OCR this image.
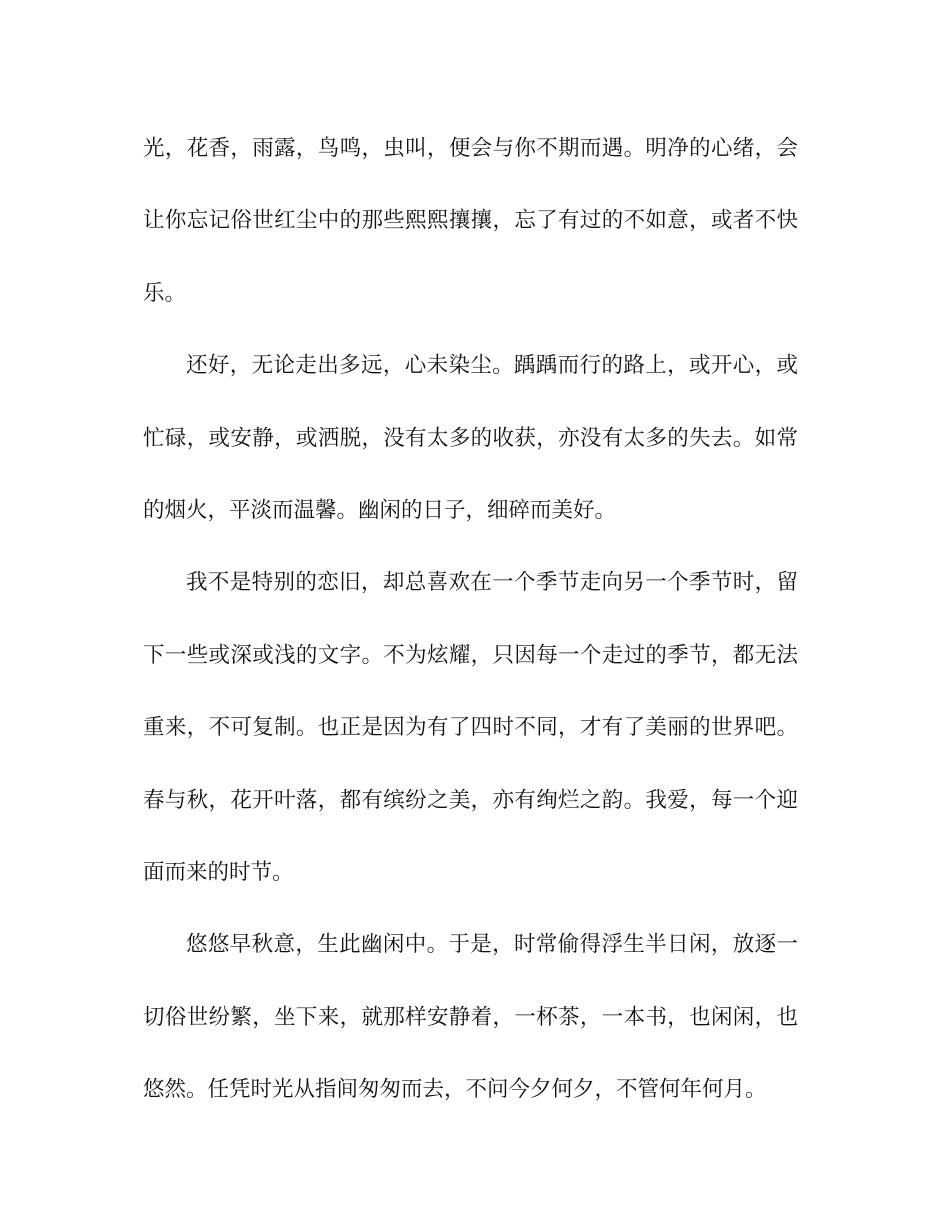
光，花香，雨露，鸟鸣，虫叫，便会与你不期而遇。明净的心绪，会
让你忘记俗世红尘中的那些熙熙攘攘，忘了有过的不如意，或者不快
乐。
还好，无论走出多远，心未染尘。踽踽而行的路上，或开心，或
忙碌，或安静，或洒脱，没有太多的收获，亦没有太多的失去。如常
的烟火，平淡而温馨。幽闲的日子，细碎而美好。
我不是特别的恋旧，却总喜欢在一个季节走向另一个季节时，留
下一些或深或浅的文字。不为炫耀，只因每一个走过的季节，都无法
重来，不可复制。也正是因为有了四时不同，才有了美丽的世界吧。
春与秋，花开叶落，都有缤纷之美，亦有绚烂之韵。我爱，每一个迎
面而来的时节。
悠悠早秋意，生此幽闲中。于是，时常偷得浮生半日闲，放逐一
切俗世纷繁，坐下来，就那样安静着，一杯茶，一本书，也闲闲，也
悠然。任凭时光从指间匆匆而去，不问今夕何夕，不管何年何月。
